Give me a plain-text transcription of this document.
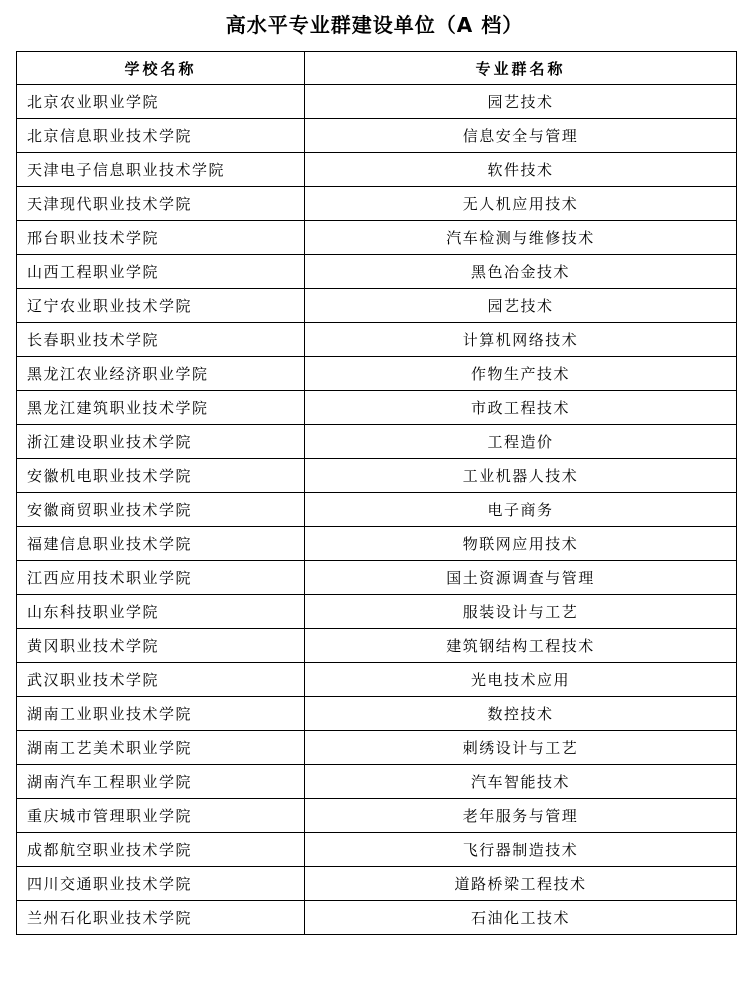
高水平专业群建设单位（A 档）
学校名称	专业群名称
北京农业职业学院	园艺技术
北京信息职业技术学院	信息安全与管理
天津电子信息职业技术学院	软件技术
天津现代职业技术学院	无人机应用技术
邢台职业技术学院	汽车检测与维修技术
山西工程职业学院	黑色冶金技术
辽宁农业职业技术学院	园艺技术
长春职业技术学院	计算机网络技术
黑龙江农业经济职业学院	作物生产技术
黑龙江建筑职业技术学院	市政工程技术
浙江建设职业技术学院	工程造价
安徽机电职业技术学院	工业机器人技术
安徽商贸职业技术学院	电子商务
福建信息职业技术学院	物联网应用技术
江西应用技术职业学院	国土资源调查与管理
山东科技职业学院	服装设计与工艺
黄冈职业技术学院	建筑钢结构工程技术
武汉职业技术学院	光电技术应用
湖南工业职业技术学院	数控技术
湖南工艺美术职业学院	刺绣设计与工艺
湖南汽车工程职业学院	汽车智能技术
重庆城市管理职业学院	老年服务与管理
成都航空职业技术学院	飞行器制造技术
四川交通职业技术学院	道路桥梁工程技术
兰州石化职业技术学院	石油化工技术
